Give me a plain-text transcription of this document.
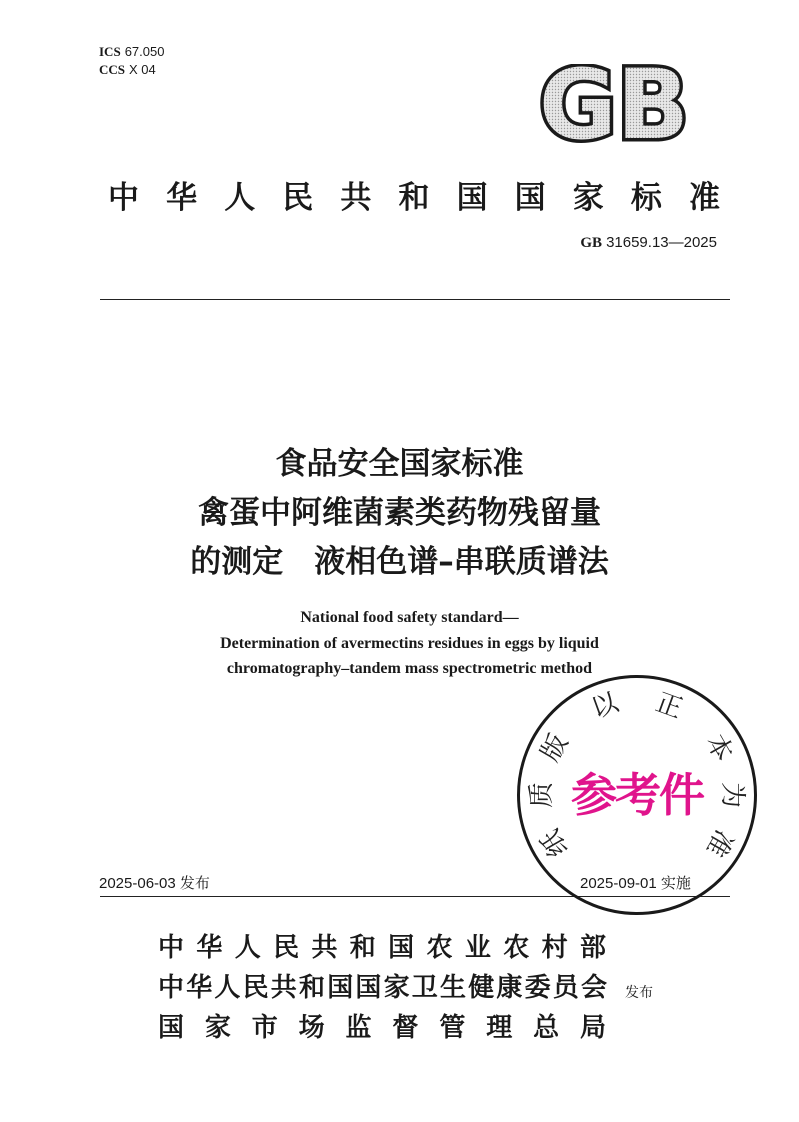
ICS 67.050
CCS X 04	GB
中 华 人 民 共 和 国 国 家 标 准
GB 31659.13—2025
食品安全国家标准
禽蛋中阿维菌素类药物残留量
的测定　液相色谱–串联质谱法
National food safety standard—
Determination of avermectins residues in eggs by liquid
chromatography–tandem mass spectrometric method
2025-06-03 发布	2025-09-01 实施
中华人民共和国农业农村部
中华人民共和国国家卫生健康委员会
国家市场监督管理总局
发布
纸
质
版
以 正
本
为
准
参考件
